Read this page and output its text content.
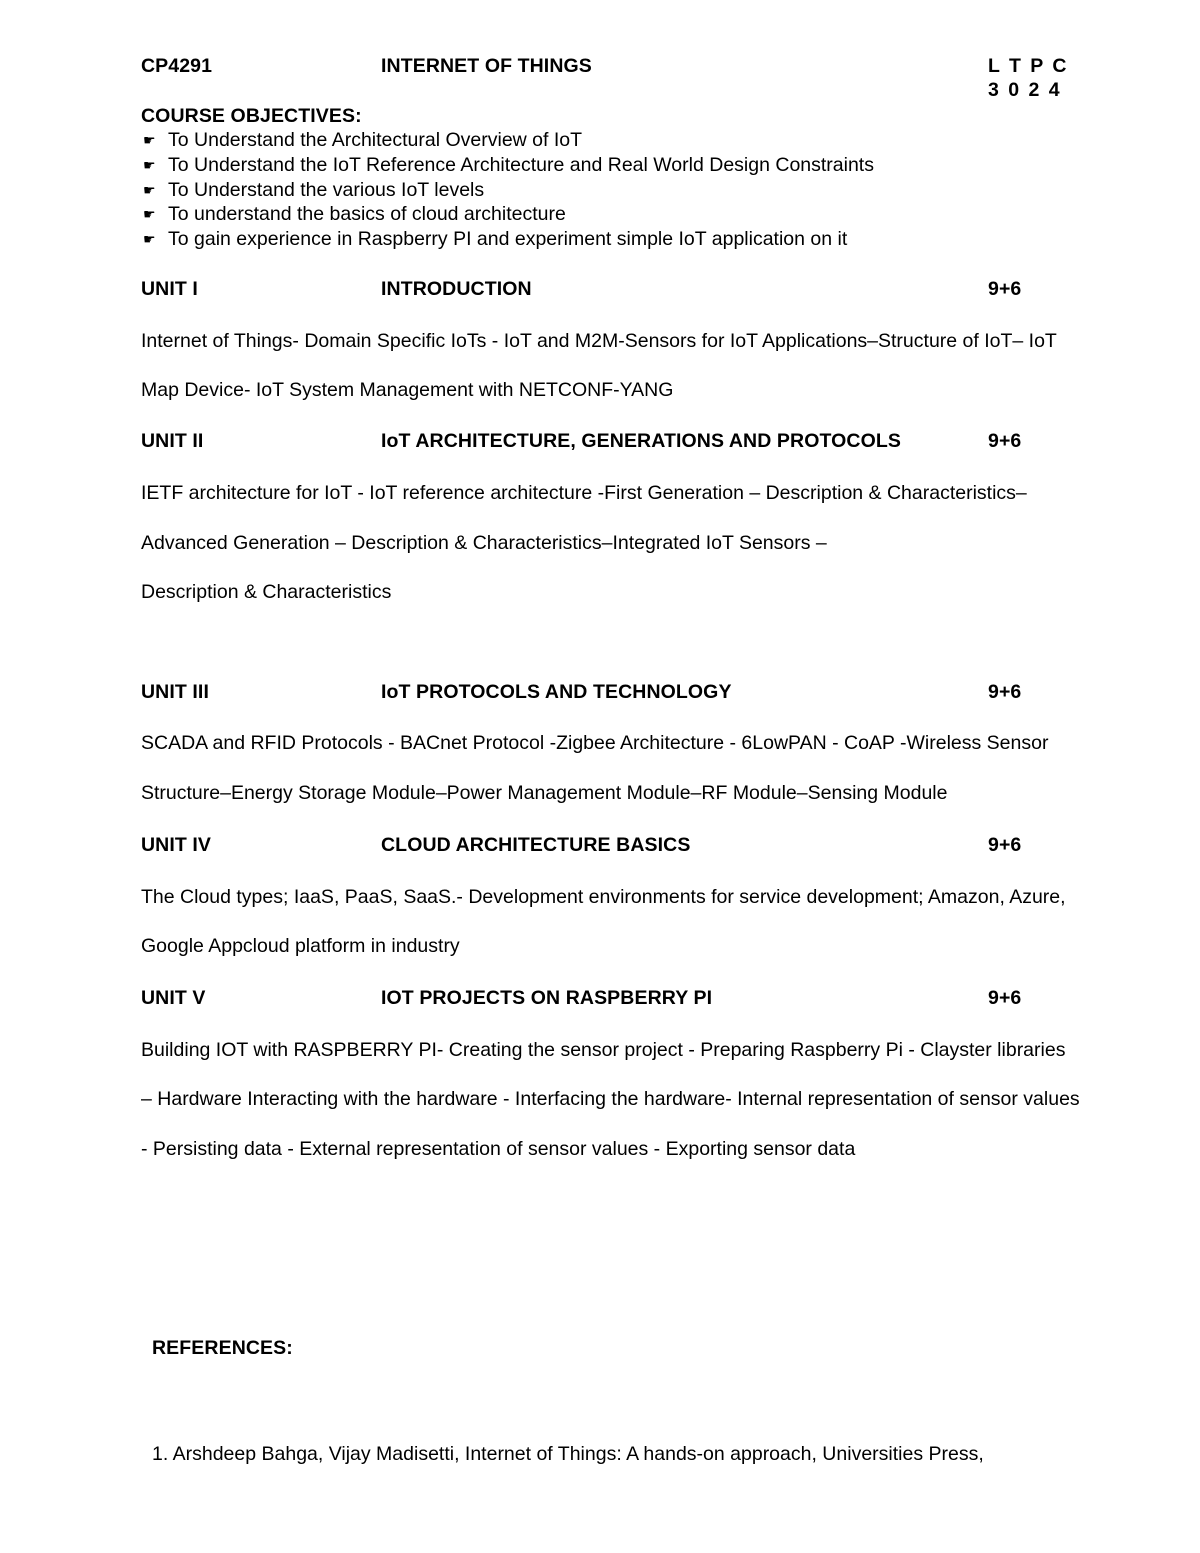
CP4291	INTERNET OF THINGS	L T P C
3 0 2 4
COURSE OBJECTIVES:
☛ To Understand the Architectural Overview of IoT
☛ To Understand the IoT Reference Architecture and Real World Design Constraints
☛ To Understand the various IoT levels
☛ To understand the basics of cloud architecture
☛ To gain experience in Raspberry PI and experiment simple IoT application on it
UNIT I	INTRODUCTION	9+6
Internet of Things- Domain Specific IoTs - IoT and M2M-Sensors for IoT Applications–Structure of IoT– IoT
Map Device- IoT System Management with NETCONF-YANG
UNIT II	IoT ARCHITECTURE, GENERATIONS AND PROTOCOLS	9+6
IETF architecture for IoT - IoT reference architecture -First Generation – Description & Characteristics–
Advanced Generation – Description & Characteristics–Integrated IoT Sensors –
Description & Characteristics
UNIT III	IoT PROTOCOLS AND TECHNOLOGY	9+6
SCADA and RFID Protocols - BACnet Protocol -Zigbee Architecture - 6LowPAN - CoAP -Wireless Sensor
Structure–Energy Storage Module–Power Management Module–RF Module–Sensing Module
UNIT IV	CLOUD ARCHITECTURE BASICS	9+6
The Cloud types; IaaS, PaaS, SaaS.- Development environments for service development; Amazon, Azure,
Google Appcloud platform in industry
UNIT V	IOT PROJECTS ON RASPBERRY PI	9+6
Building IOT with RASPBERRY PI- Creating the sensor project - Preparing Raspberry Pi - Clayster libraries
– Hardware Interacting with the hardware - Interfacing the hardware- Internal representation of sensor values
- Persisting data - External representation of sensor values - Exporting sensor data
REFERENCES:
1. Arshdeep Bahga, Vijay Madisetti, Internet of Things: A hands-on approach, Universities Press,
